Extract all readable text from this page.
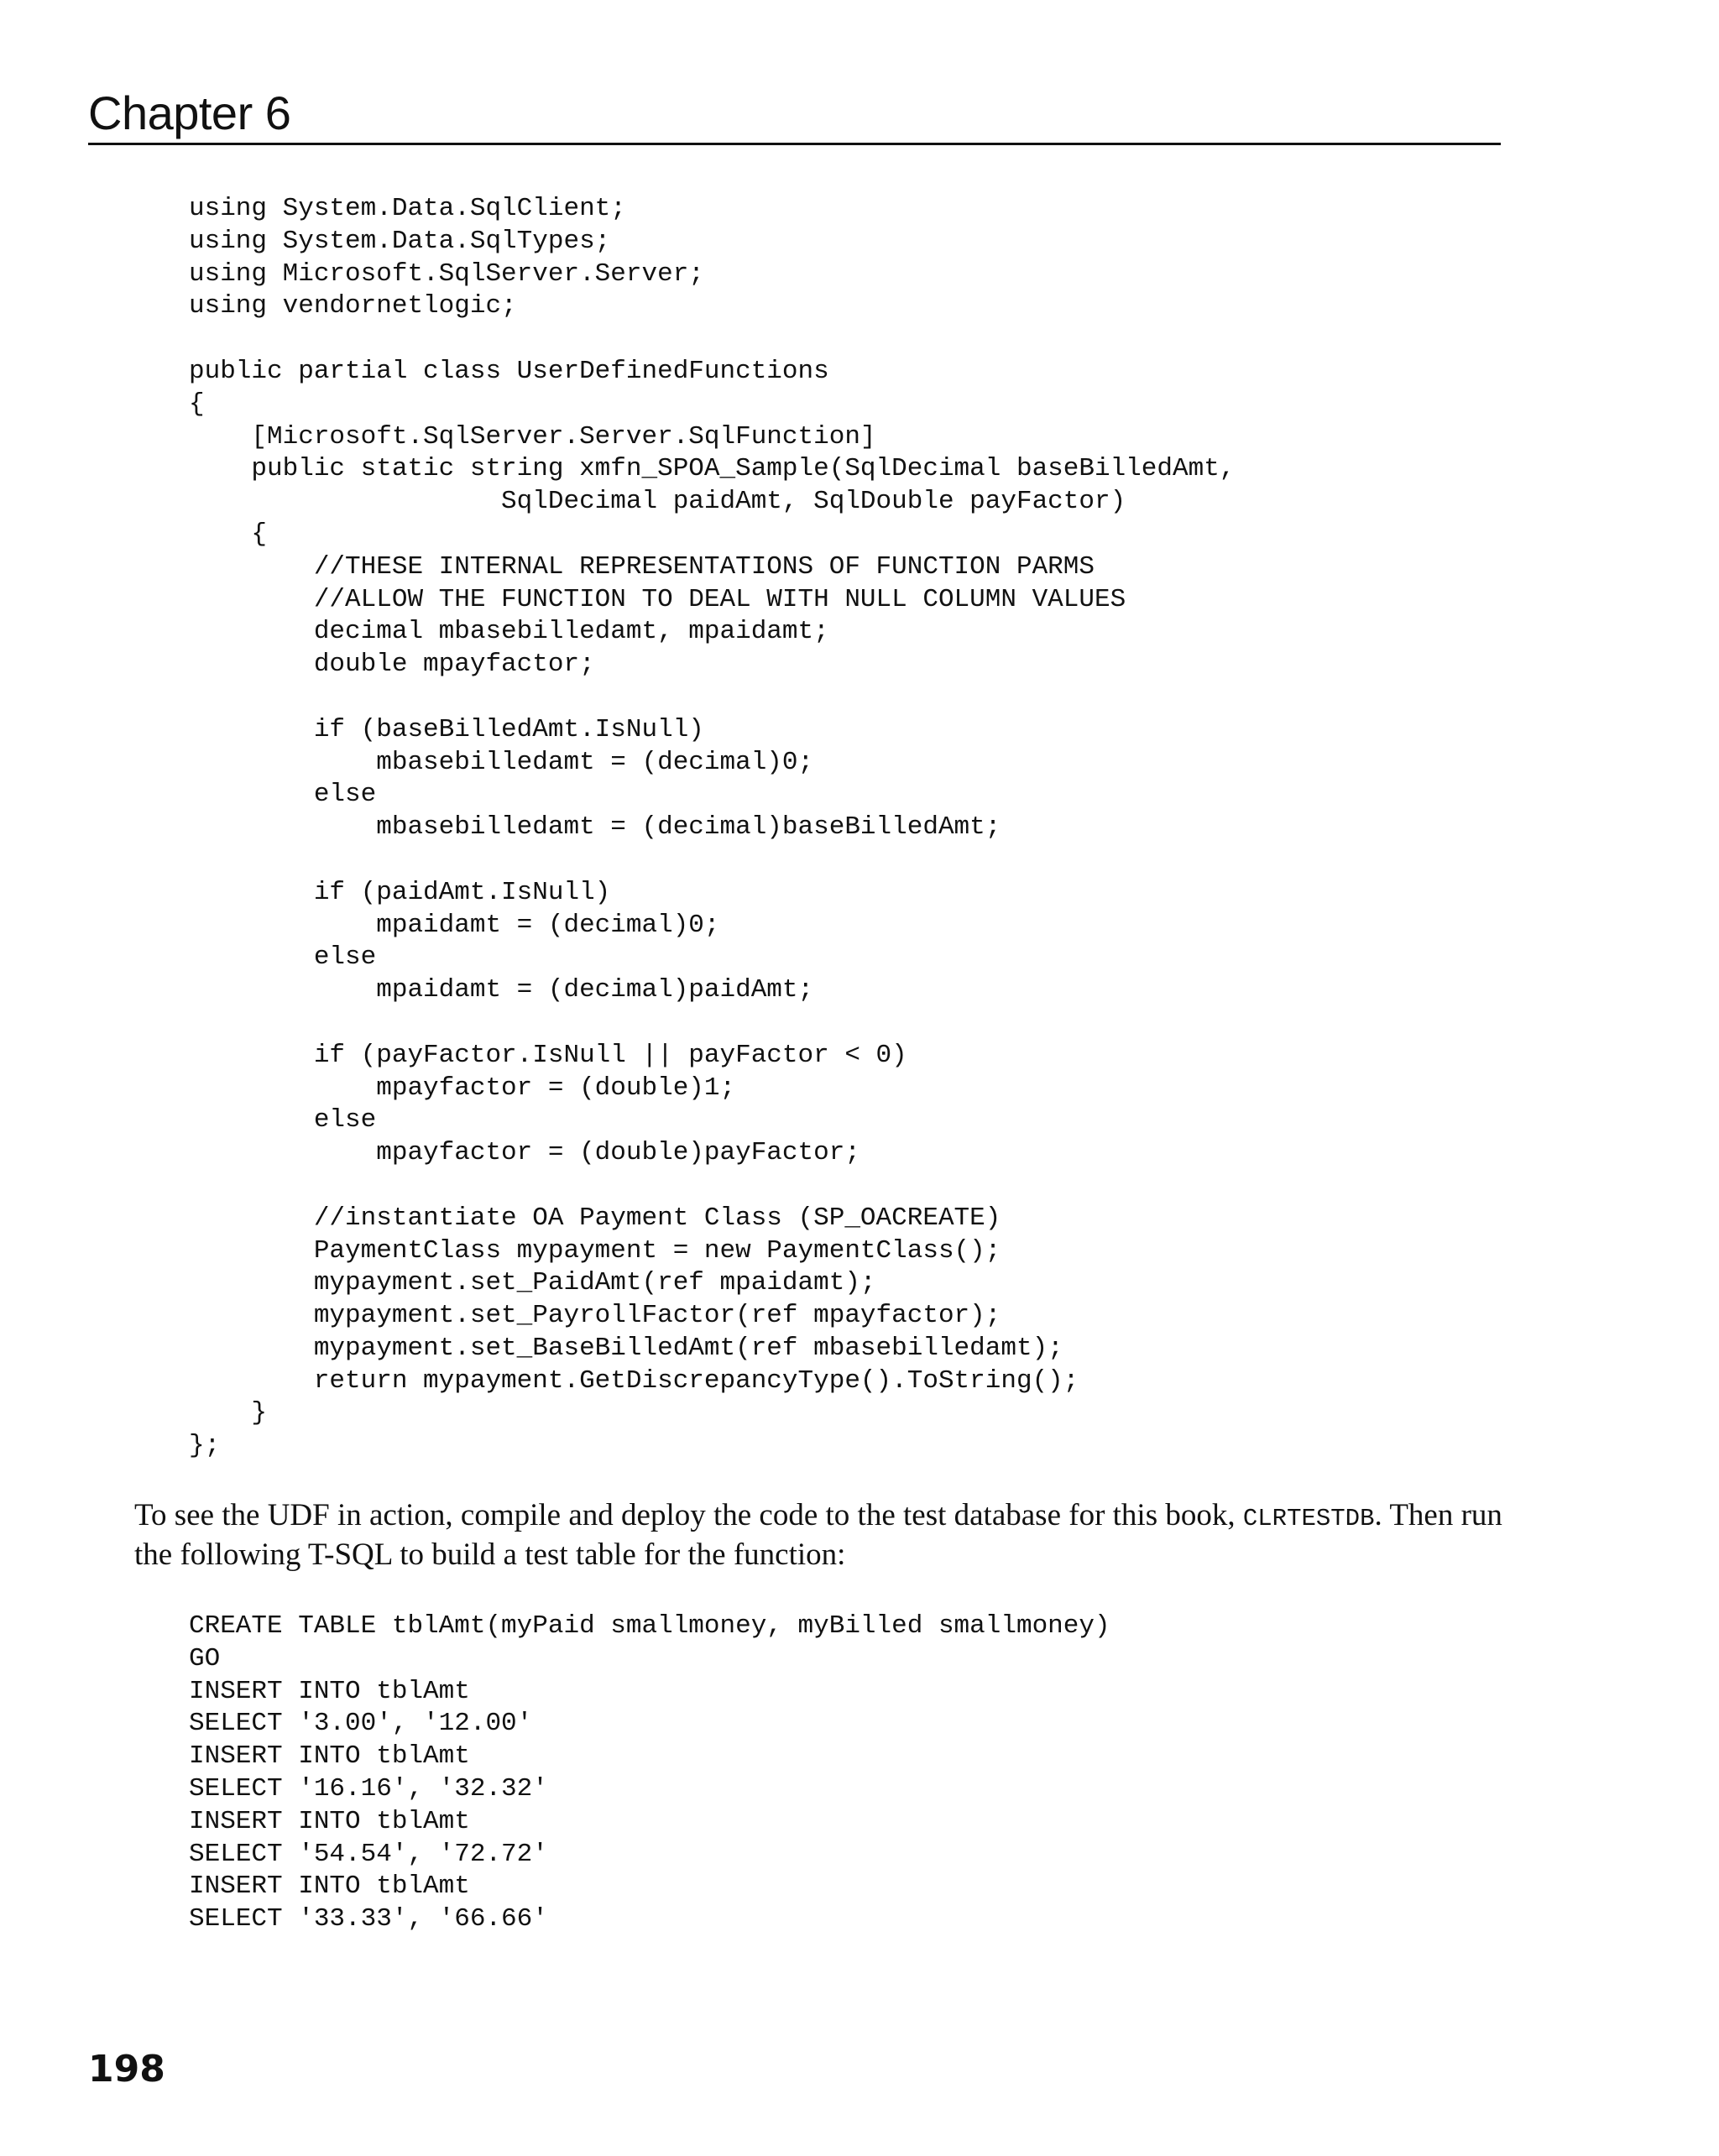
Chapter 6
using System.Data.SqlClient;
using System.Data.SqlTypes;
using Microsoft.SqlServer.Server;
using vendornetlogic;
public partial class UserDefinedFunctions
{
[Microsoft.SqlServer.Server.SqlFunction]
public static string xmfn_SPOA_Sample(SqlDecimal baseBilledAmt,
SqlDecimal paidAmt, SqlDouble payFactor)
{
//THESE INTERNAL REPRESENTATIONS OF FUNCTION PARMS
//ALLOW THE FUNCTION TO DEAL WITH NULL COLUMN VALUES
decimal mbasebilledamt, mpaidamt;
double mpayfactor;
if (baseBilledAmt.IsNull)
mbasebilledamt = (decimal)0;
else
mbasebilledamt = (decimal)baseBilledAmt;
if (paidAmt.IsNull)
mpaidamt = (decimal)0;
else
mpaidamt = (decimal)paidAmt;
if (payFactor.IsNull || payFactor < 0)
mpayfactor = (double)1;
else
mpayfactor = (double)payFactor;
//instantiate OA Payment Class (SP_OACREATE)
PaymentClass mypayment = new PaymentClass();
mypayment.set_PaidAmt(ref mpaidamt);
mypayment.set_PayrollFactor(ref mpayfactor);
mypayment.set_BaseBilledAmt(ref mbasebilledamt);
return mypayment.GetDiscrepancyType().ToString();
}
};

To see the UDF in action, compile and deploy the code to the test database for this book, CLRTESTDB. Then run the following T-SQL to build a test table for the function:

CREATE TABLE tblAmt(myPaid smallmoney, myBilled smallmoney)
GO
INSERT INTO tblAmt
SELECT '3.00', '12.00'
INSERT INTO tblAmt
SELECT '16.16', '32.32'
INSERT INTO tblAmt
SELECT '54.54', '72.72'
INSERT INTO tblAmt
SELECT '33.33', '66.66'
198
